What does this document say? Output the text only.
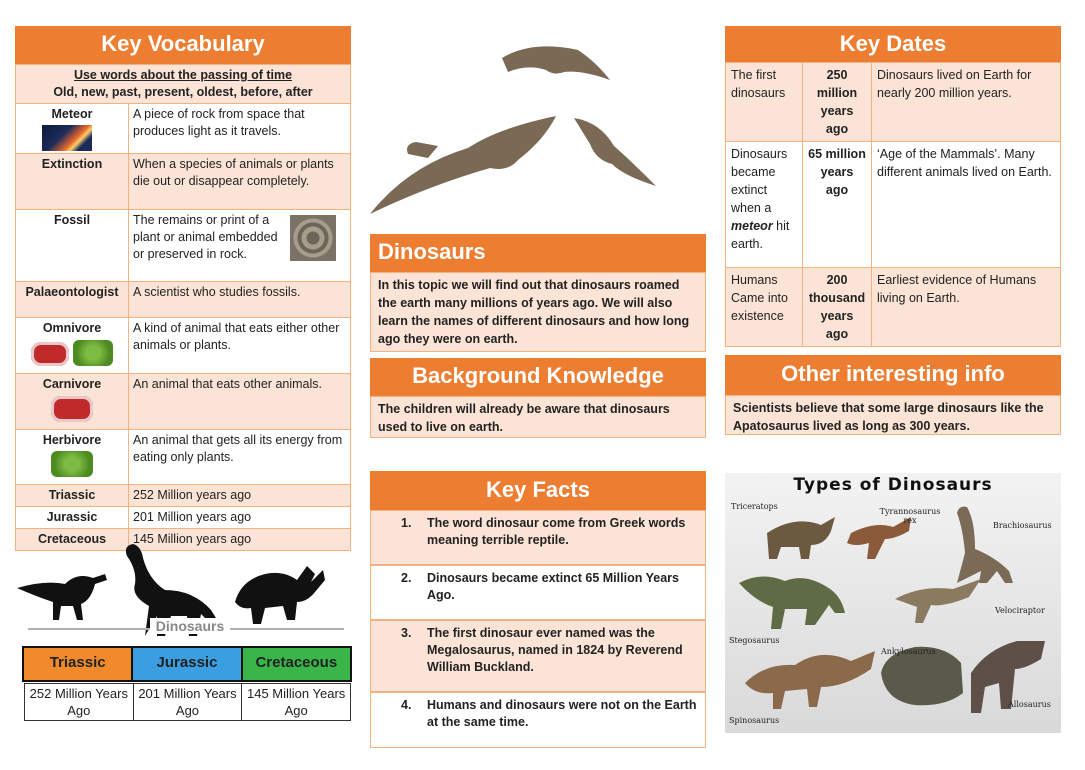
Key Vocabulary
Use words about the passing of time
Old, new, past, present, oldest, before, after	

Meteor	A piece of rock from space that produces light as it travels.
Extinction	When a species of animals or plants die out or disappear completely.
Fossil	The remains or print of a plant or animal embedded or preserved in rock.

Palaeontologist	A scientist who studies fossils.

Omnivore	A kind of animal that eats either other animals or plants.

Carnivore	An animal that eats other animals.

Herbivore	An animal that gets all its energy from eating only plants.
Triassic	252 Million years ago
Jurassic	201 Million years ago
Cretaceous	145 Million years ago
Dinosaurs
Triassic	Jurassic	Cretaceous
252 Million Years Ago	201 Million Years Ago	145 Million Years Ago
Dinosaurs
In this topic we will find out that dinosaurs roamed the earth many millions of years ago. We will also learn the names of different dinosaurs and how long ago they were on earth.
Background Knowledge
The children will already be aware that dinosaurs used to live on earth.
Key Facts
1. The word dinosaur come from Greek words meaning terrible reptile.
2. Dinosaurs became extinct 65 Million Years Ago.
3. The first dinosaur ever named was the Megalosaurus, named in 1824 by Reverend William Buckland.
4. Humans and dinosaurs were not on the Earth at the same time.
Key Dates
The first dinosaurs	250 million years ago	Dinosaurs lived on Earth for nearly 200 million years.
Dinosaurs became extinct when a meteor hit earth.	65 million years ago	‘Age of the Mammals’. Many different animals lived on Earth.
Humans Came into existence	200 thousand years ago	Earliest evidence of Humans living on Earth.
Other interesting info
Scientists believe that some large dinosaurs like the Apatosaurus lived as long as 300 years.
Types of Dinosaurs
Triceratops
Tyrannosaurus rex
Brachiosaurus
Velociraptor
Stegosaurus
Ankylosaurus
Allosaurus
Spinosaurus
